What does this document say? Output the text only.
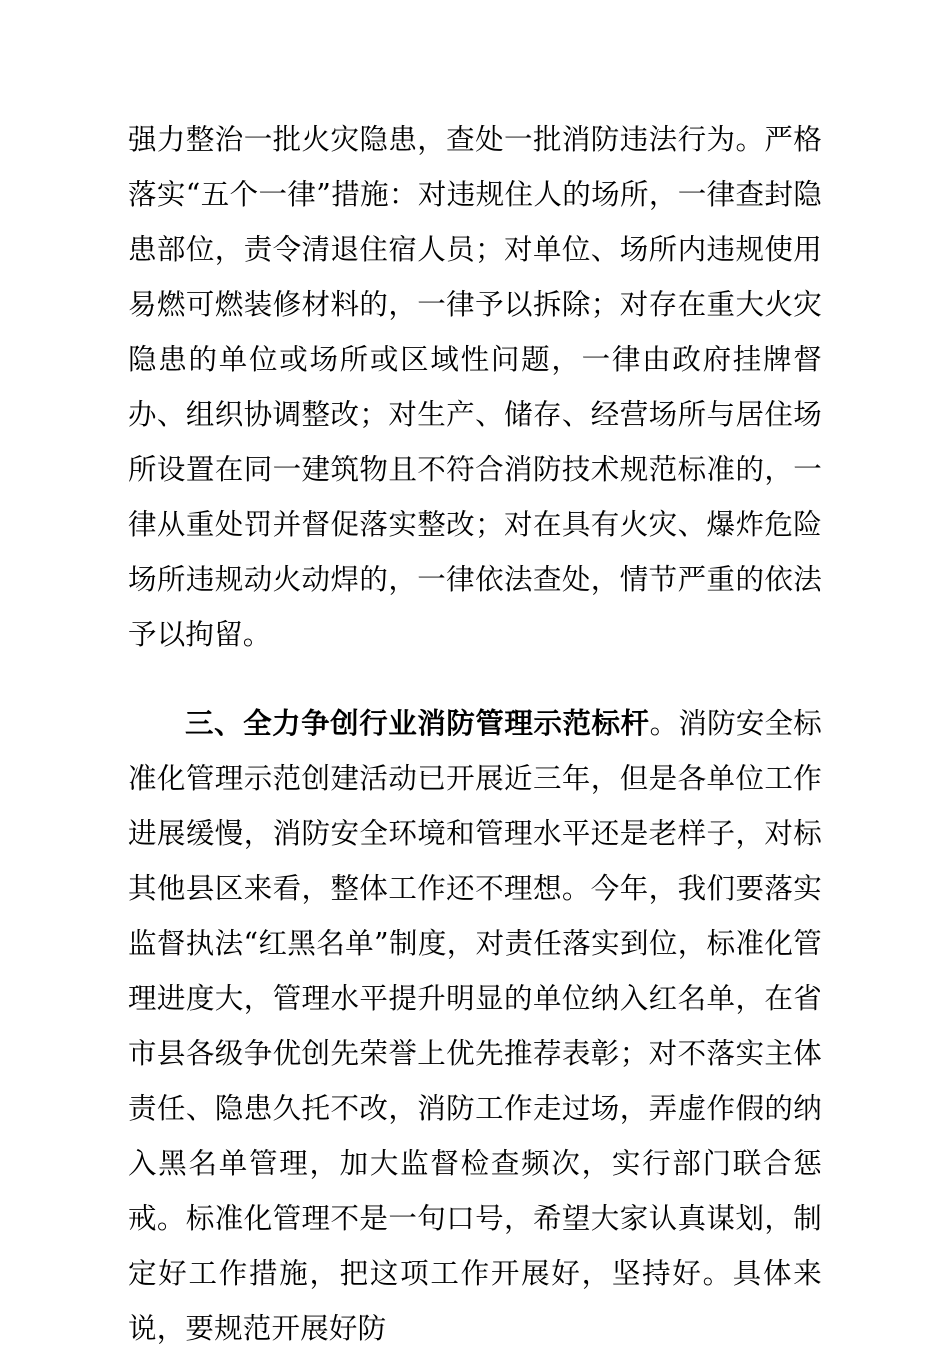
强力整治一批火灾隐患，查处一批消防违法行为。严格落实“五个一律”措施：对违规住人的场所，一律查封隐患部位，责令清退住宿人员；对单位、场所内违规使用易燃可燃装修材料的，一律予以拆除；对存在重大火灾隐患的单位或场所或区域性问题，一律由政府挂牌督办、组织协调整改；对生产、储存、经营场所与居住场所设置在同一建筑物且不符合消防技术规范标准的，一律从重处罚并督促落实整改；对在具有火灾、爆炸危险场所违规动火动焊的，一律依法查处，情节严重的依法予以拘留。

三、全力争创行业消防管理示范标杆。消防安全标准化管理示范创建活动已开展近三年，但是各单位工作进展缓慢，消防安全环境和管理水平还是老样子，对标其他县区来看，整体工作还不理想。今年，我们要落实监督执法“红黑名单”制度，对责任落实到位，标准化管理进度大，管理水平提升明显的单位纳入红名单，在省市县各级争优创先荣誉上优先推荐表彰；对不落实主体责任、隐患久托不改，消防工作走过场，弄虚作假的纳入黑名单管理，加大监督检查频次，实行部门联合惩戒。标准化管理不是一句口号，希望大家认真谋划，制定好工作措施，把这项工作开展好，坚持好。具体来说，要规范开展好防
